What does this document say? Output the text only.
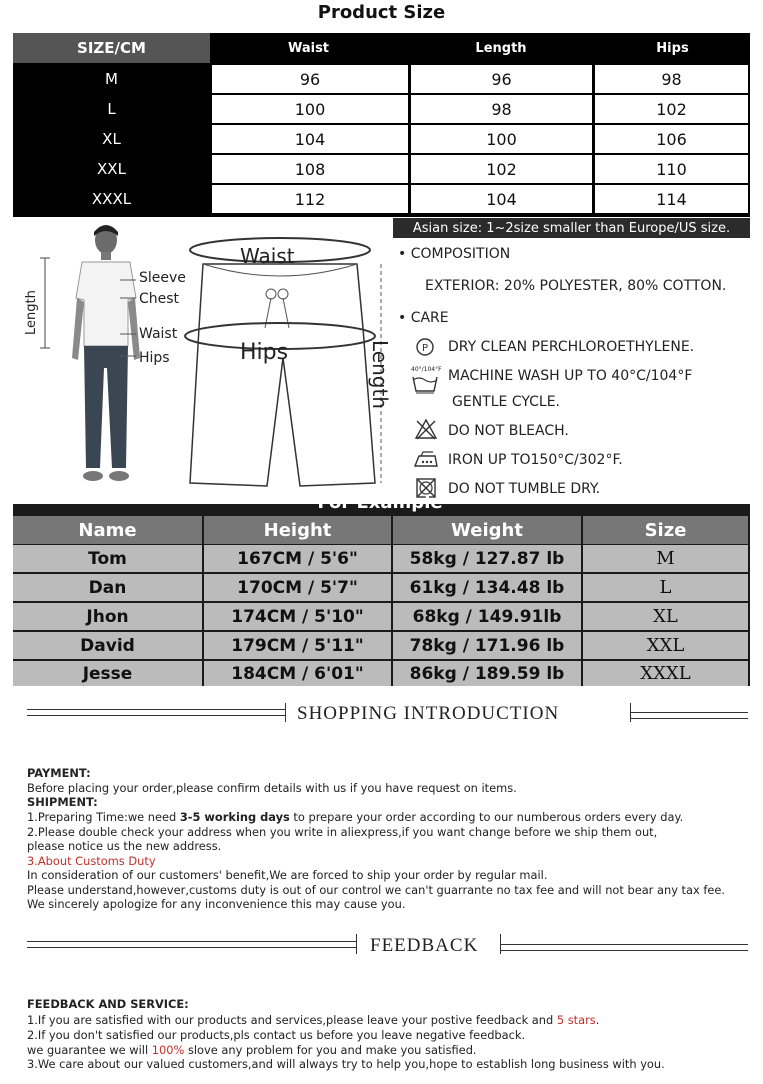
Product Size
SIZE/CM	Waist	Length	Hips
M	96	96	98
L	100	98	102
XL	104	100	106
XXL	108	102	110
XXXL	112	104	114
Asian size: 1~2size smaller than Europe/US size.
Length
Sleeve
Chest
Waist
Hips
Waist
Hips	Length
• COMPOSITION
EXTERIOR: 20% POLYESTER, 80% COTTON.
• CARE
P DRY CLEAN PERCHLOROETHYLENE.
40°/104°F MACHINE WASH UP TO 40°C/104°F
GENTLE CYCLE.
DO NOT BLEACH.
IRON UP TO150°C/302°F.
DO NOT TUMBLE DRY.
Name	Height	Weight	Size
Tom	167CM / 5'6"	58kg / 127.87 lb	M
Dan	170CM / 5'7"	61kg / 134.48 lb	L
Jhon	174CM / 5'10"	68kg / 149.91lb	XL
David	179CM / 5'11"	78kg / 171.96 lb	XXL
Jesse	184CM / 6'01"	86kg / 189.59 lb	XXXL
For Example
SHOPPING INTRODUCTION
PAYMENT:
Before placing your order,please confirm details with us if you have request on items.
SHIPMENT:
1.Preparing Time:we need 3-5 working days to prepare your order according to our numberous orders every day.
2.Please double check your address when you write in aliexpress,if you want change before we ship them out,
please notice us the new address.
3.About Customs Duty
In consideration of our customers' benefit,We are forced to ship your order by regular mail.
Please understand,however,customs duty is out of our control we can't guarrante no tax fee and will not bear any tax fee.
We sincerely apologize for any inconvenience this may cause you.
FEEDBACK
FEEDBACK AND SERVICE:
1.If you are satisfied with our products and services,please leave your postive feedback and 5 stars.
2.If you don't satisfied our products,pls contact us before you leave negative feedback.
we guarantee we will 100% slove any problem for you and make you satisfied.
3.We care about our valued customers,and will always try to help you,hope to establish long business with you.
